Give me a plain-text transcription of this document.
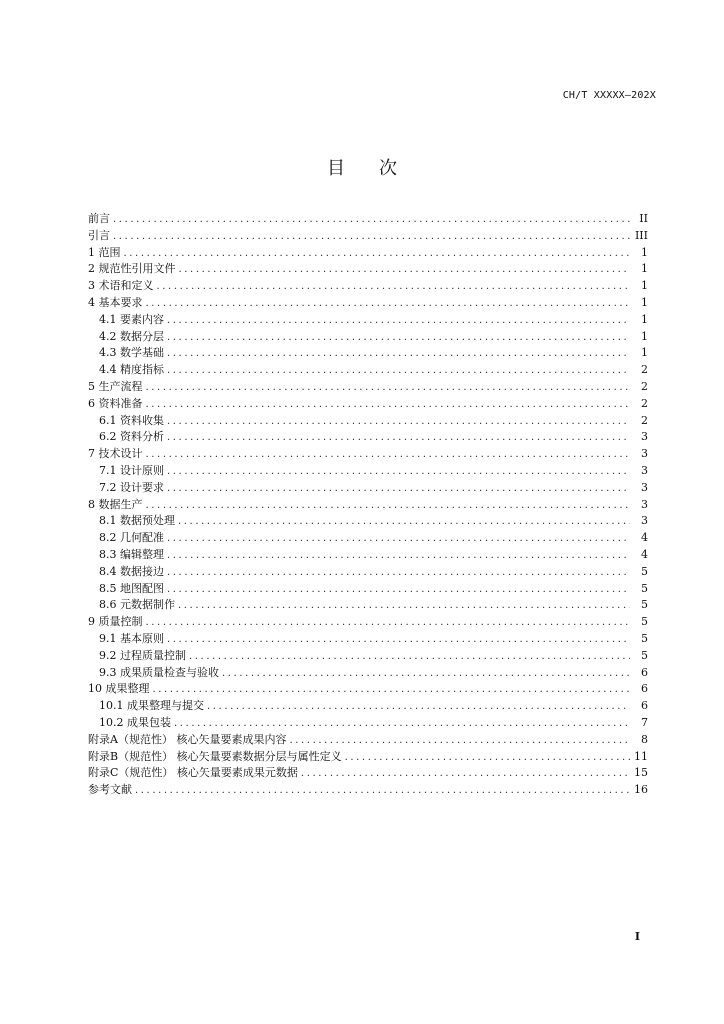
CH/T XXXXX—202X
目次
前言 .....	II
引言 .....	III
1 范围 .....	1
2 规范性引用文件 .....	1
3 术语和定义 .....	1
4 基本要求 .....	1
4.1 要素内容 .....	1
4.2 数据分层 .....	1
4.3 数学基础 .....	1
4.4 精度指标 .....	2
5 生产流程 .....	2
6 资料准备 .....	2
6.1 资料收集 .....	2
6.2 资料分析 .....	3
7 技术设计 .....	3
7.1 设计原则 .....	3
7.2 设计要求 .....	3
8 数据生产 .....	3
8.1 数据预处理 .....	3
8.2 几何配准 .....	4
8.3 编辑整理 .....	4
8.4 数据接边 .....	5
8.5 地图配图 .....	5
8.6 元数据制作 .....	5
9 质量控制 .....	5
9.1 基本原则 .....	5
9.2 过程质量控制 .....	5
9.3 成果质量检查与验收 .....	6
10 成果整理 .....	6
10.1 成果整理与提交 .....	6
10.2 成果包装 .....	7
附录A（规范性） 核心矢量要素成果内容 .....	8
附录B（规范性） 核心矢量要素数据分层与属性定义 .....	11
附录C（规范性） 核心矢量要素成果元数据 .....	15
参考文献 .....	16
I
